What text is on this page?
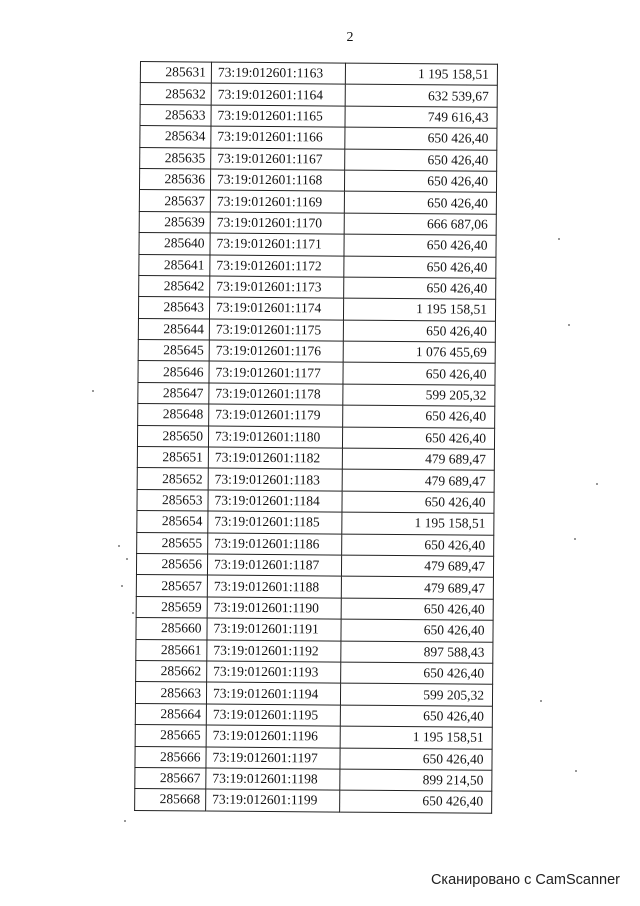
2
285631	73:19:012601:1163	1 195 158,51
285632	73:19:012601:1164	632 539,67
285633	73:19:012601:1165	749 616,43
285634	73:19:012601:1166	650 426,40
285635	73:19:012601:1167	650 426,40
285636	73:19:012601:1168	650 426,40
285637	73:19:012601:1169	650 426,40
285639	73:19:012601:1170	666 687,06
285640	73:19:012601:1171	650 426,40
285641	73:19:012601:1172	650 426,40
285642	73:19:012601:1173	650 426,40
285643	73:19:012601:1174	1 195 158,51
285644	73:19:012601:1175	650 426,40
285645	73:19:012601:1176	1 076 455,69
285646	73:19:012601:1177	650 426,40
285647	73:19:012601:1178	599 205,32
285648	73:19:012601:1179	650 426,40
285650	73:19:012601:1180	650 426,40
285651	73:19:012601:1182	479 689,47
285652	73:19:012601:1183	479 689,47
285653	73:19:012601:1184	650 426,40
285654	73:19:012601:1185	1 195 158,51
285655	73:19:012601:1186	650 426,40
285656	73:19:012601:1187	479 689,47
285657	73:19:012601:1188	479 689,47
285659	73:19:012601:1190	650 426,40
285660	73:19:012601:1191	650 426,40
285661	73:19:012601:1192	897 588,43
285662	73:19:012601:1193	650 426,40
285663	73:19:012601:1194	599 205,32
285664	73:19:012601:1195	650 426,40
285665	73:19:012601:1196	1 195 158,51
285666	73:19:012601:1197	650 426,40
285667	73:19:012601:1198	899 214,50
285668	73:19:012601:1199	650 426,40
Сканировано с CamScanner
